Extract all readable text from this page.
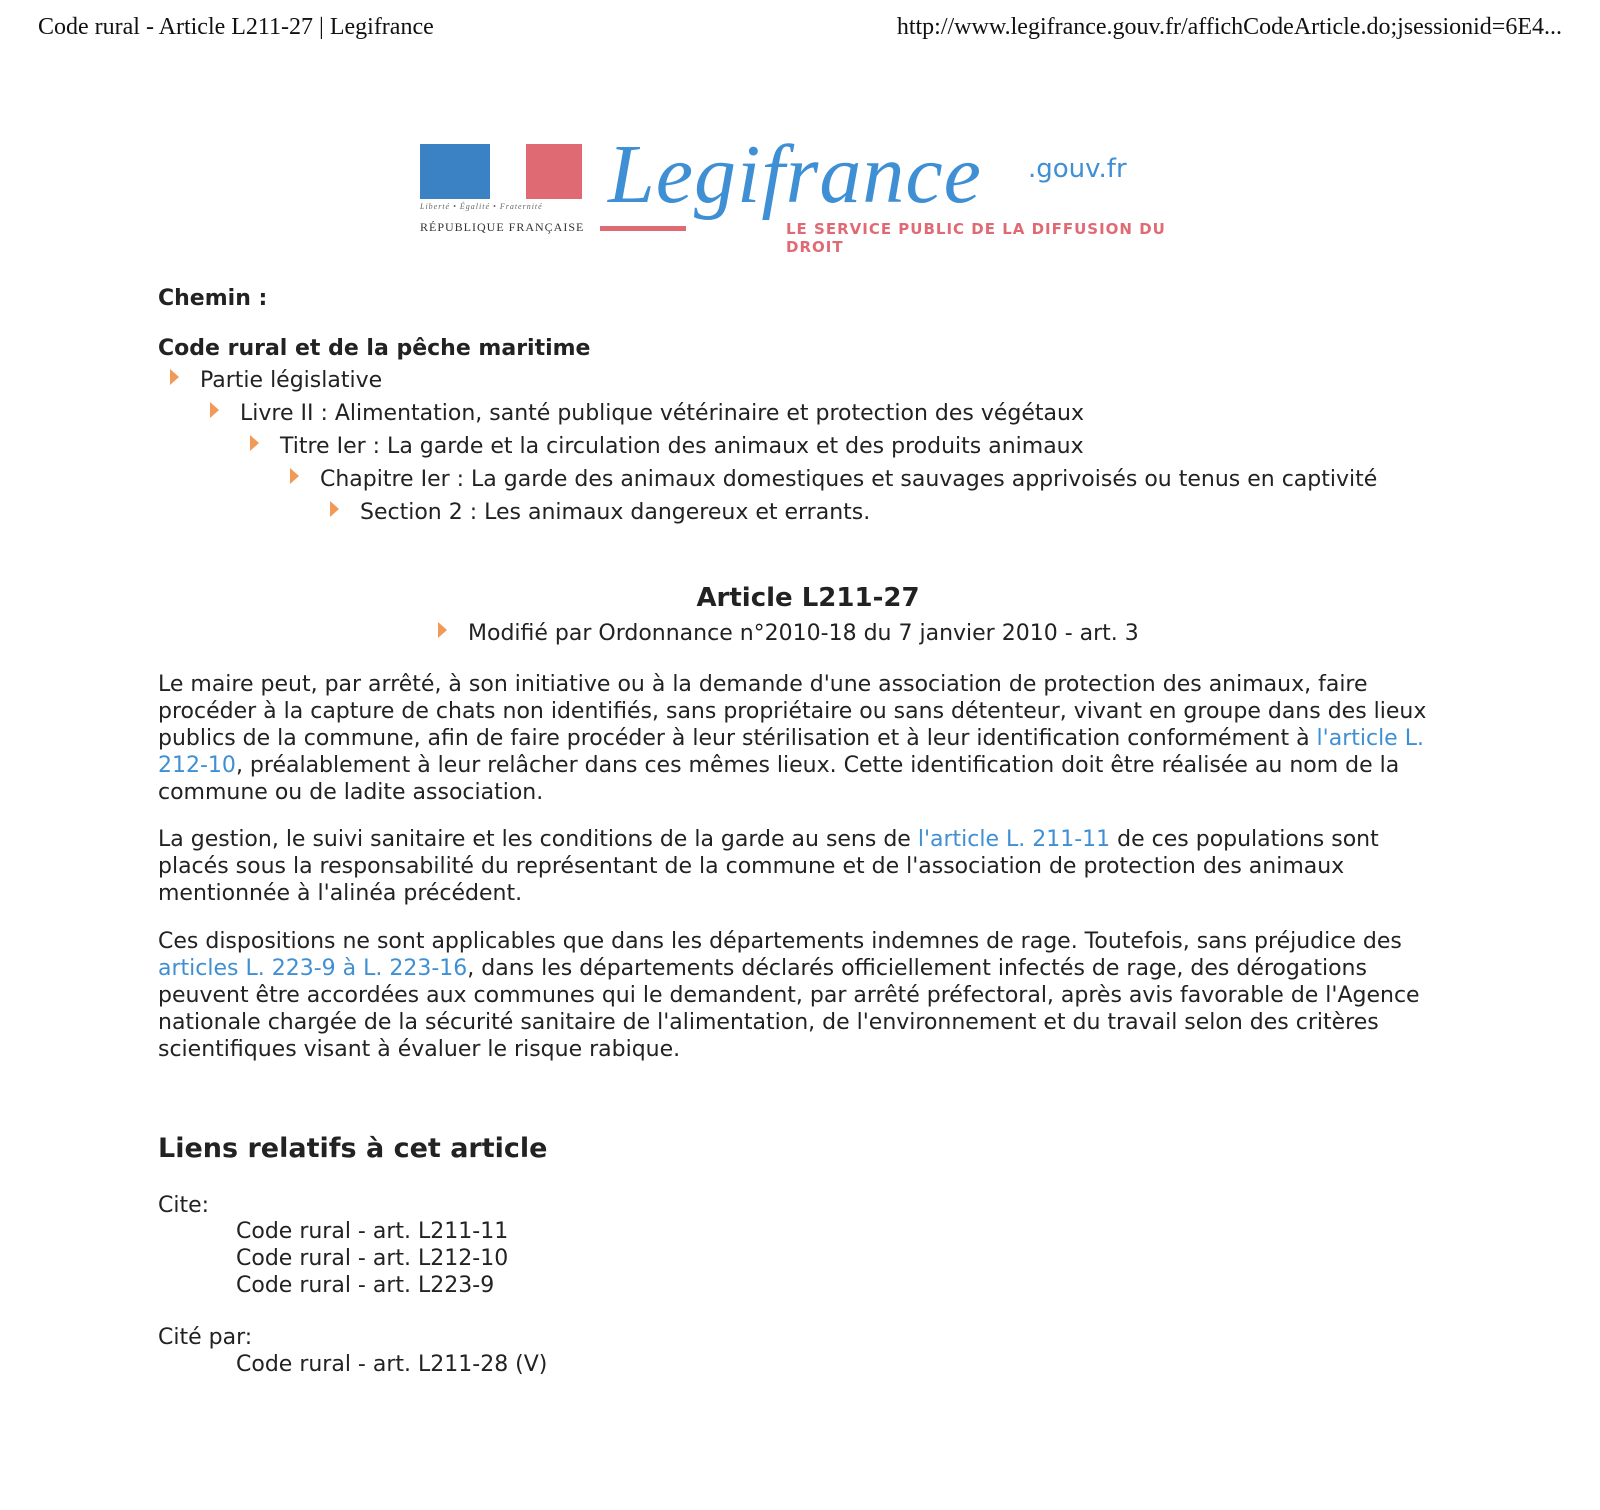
Code rural - Article L211-27 | Legifrance	http://www.legifrance.gouv.fr/affichCodeArticle.do;jsessionid=6E4...
Liberté • Égalité • Fraternité
RÉPUBLIQUE FRANÇAISE
Legifrance .gouv.fr
LE SERVICE PUBLIC DE LA DIFFUSION DU DROIT
Chemin :
Code rural et de la pêche maritime
Partie législative
Livre II : Alimentation, santé publique vétérinaire et protection des végétaux
Titre Ier : La garde et la circulation des animaux et des produits animaux
Chapitre Ier : La garde des animaux domestiques et sauvages apprivoisés ou tenus en captivité
Section 2 : Les animaux dangereux et errants.
Article L211-27
Modifié par Ordonnance n°2010-18 du 7 janvier 2010 - art. 3

Le maire peut, par arrêté, à son initiative ou à la demande d'une association de protection des animaux, faire procéder à la capture de chats non identifiés, sans propriétaire ou sans détenteur, vivant en groupe dans des lieux publics de la commune, afin de faire procéder à leur stérilisation et à leur identification conformément à l'article L. 212-10, préalablement à leur relâcher dans ces mêmes lieux. Cette identification doit être réalisée au nom de la commune ou de ladite association.

La gestion, le suivi sanitaire et les conditions de la garde au sens de l'article L. 211-11 de ces populations sont placés sous la responsabilité du représentant de la commune et de l'association de protection des animaux mentionnée à l'alinéa précédent.

Ces dispositions ne sont applicables que dans les départements indemnes de rage. Toutefois, sans préjudice des articles L. 223-9 à L. 223-16, dans les départements déclarés officiellement infectés de rage, des dérogations peuvent être accordées aux communes qui le demandent, par arrêté préfectoral, après avis favorable de l'Agence nationale chargée de la sécurité sanitaire de l'alimentation, de l'environnement et du travail selon des critères scientifiques visant à évaluer le risque rabique.

Liens relatifs à cet article
Cite:
Code rural - art. L211-11
Code rural - art. L212-10
Code rural - art. L223-9
Cité par:
Code rural - art. L211-28 (V)
